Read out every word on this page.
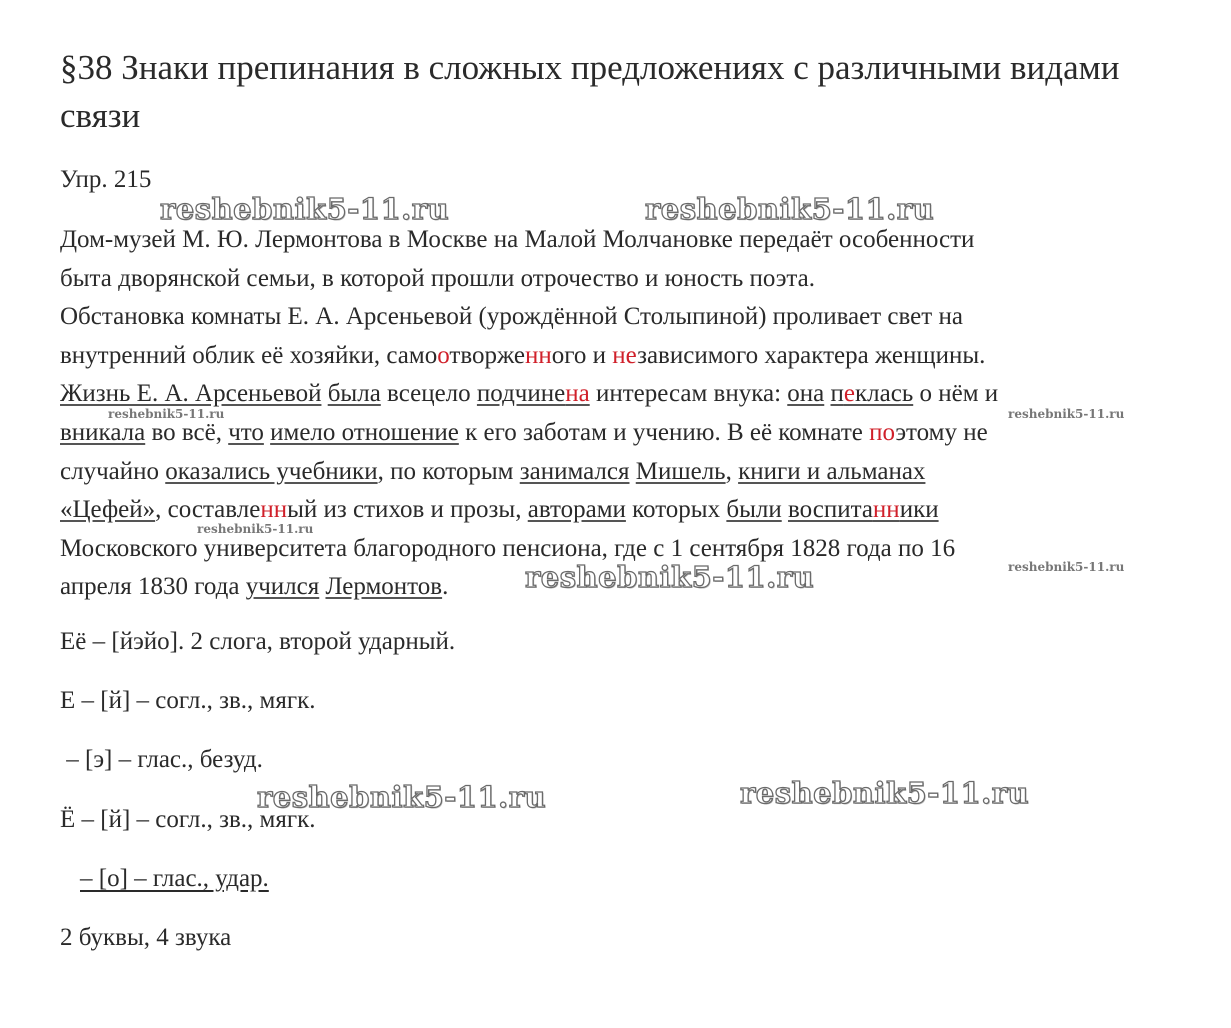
§38 Знаки препинания в сложных предложениях с различными видами связи
Упр. 215

Дом-музей М. Ю. Лермонтова в Москве на Малой Молчановке передаёт особенности
быта дворянской семьи, в которой прошли отрочество и юность поэта.
Обстановка комнаты Е. А. Арсеньевой (урождённой Столыпиной) проливает свет на
внутренний облик её хозяйки, самоотворженного и независимого характера женщины.
Жизнь Е. А. Арсеньевой была всецело подчинена интересам внука: она пеклась о нём и
вникала во всё, что имело отношение к его заботам и учению. В её комнате поэтому не
случайно оказались учебники, по которым занимался Мишель, книги и альманах
«Цефей», составленный из стихов и прозы, авторами которых были воспитанники
Московского университета благородного пенсиона, где с 1 сентября 1828 года по 16
апреля 1830 года учился Лермонтов.

Её – [йэйо]. 2 слога, второй ударный.
Е – [й] – согл., зв., мягк.
– [э] – глас., безуд.
Ё – [й] – согл., зв., мягк.
– [о] – глас., удар.
2 буквы, 4 звука
reshebnik5-11.ru	reshebnik5-11.ru
reshebnik5-11.ru
reshebnik5-11.ru	reshebnik5-11.ru
reshebnik5-11.ru	reshebnik5-11.ru
reshebnik5-11.ru
reshebnik5-11.ru
